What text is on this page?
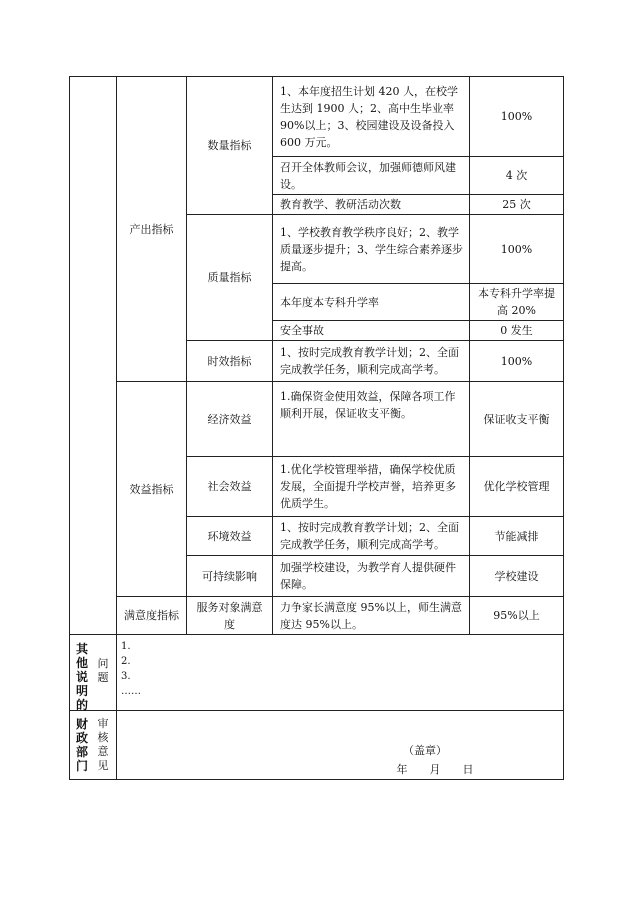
产出指标
效益指标
满意度指标
数量指标
质量指标
时效指标
经济效益
社会效益
环境效益
可持续影响
服务对象满意度
1、本年度招生计划 420 人，在校学生达到 1900 人；2、高中生毕业率 90%以上；3、校园建设及设备投入 600 万元。
召开全体教师会议，加强师德师风建设。
教育教学、教研活动次数
1、学校教育教学秩序良好；2、教学质量逐步提升；3、学生综合素养逐步提高。
本年度本专科升学率
安全事故
1、按时完成教育教学计划；2、全面完成教学任务，顺利完成高学考。
1.确保资金使用效益，保障各项工作顺利开展，保证收支平衡。
1.优化学校管理举措，确保学校优质发展，全面提升学校声誉，培养更多优质学生。
1、按时完成教育教学计划；2、全面完成教学任务，顺利完成高学考。
加强学校建设，为教学育人提供硬件保障。
力争家长满意度 95%以上，师生满意度达 95%以上。
100%
4 次
25 次
100%
本专科升学率提高 20%
0 发生
100%
保证收支平衡
优化学校管理
节能减排
学校建设
95%以上
其他说明的
问题
1.
2.
3.
……
财政部门
审核意见
（盖章）
年　　月　　日
